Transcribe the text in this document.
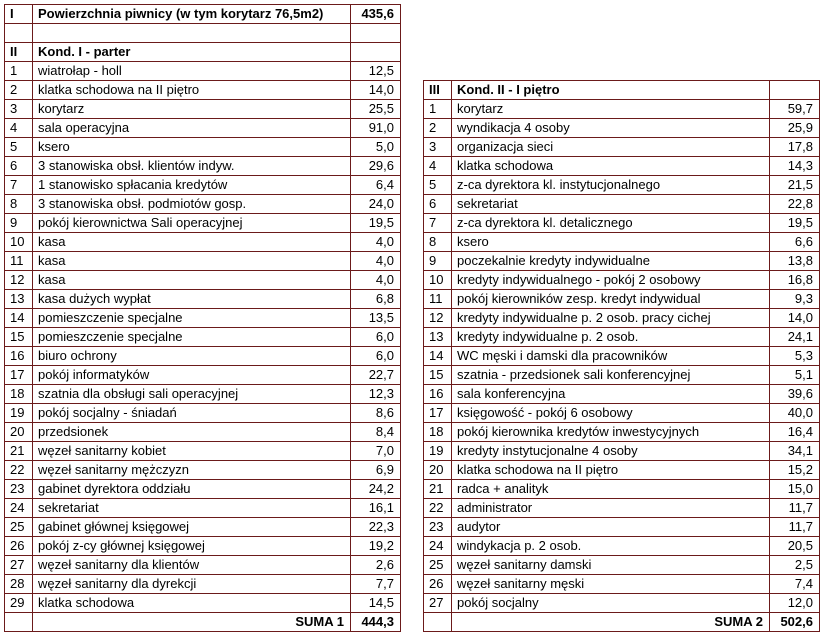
I	Powierzchnia piwnicy (w tym korytarz 76,5m2)	435,6

II	Kond. I - parter	
1	wiatrołap - holl	12,5
2	klatka schodowa na II piętro	14,0
3	korytarz	25,5
4	sala operacyjna	91,0
5	ksero	5,0
6	3 stanowiska obsł. klientów indyw.	29,6
7	1 stanowisko spłacania kredytów	6,4
8	3 stanowiska obsł. podmiotów gosp.	24,0
9	pokój kierownictwa Sali operacyjnej	19,5
10	kasa	4,0
11	kasa	4,0
12	kasa	4,0
13	kasa dużych wypłat	6,8
14	pomieszczenie specjalne	13,5
15	pomieszczenie specjalne	6,0
16	biuro ochrony	6,0
17	pokój informatyków	22,7
18	szatnia dla obsługi sali operacyjnej	12,3
19	pokój socjalny - śniadań	8,6
20	przedsionek	8,4
21	węzeł sanitarny kobiet	7,0
22	węzeł sanitarny mężczyzn	6,9
23	gabinet dyrektora oddziału	24,2
24	sekretariat	16,1
25	gabinet głównej księgowej	22,3
26	pokój z-cy głównej księgowej	19,2
27	węzeł sanitarny dla klientów	2,6
28	węzeł sanitarny dla dyrekcji	7,7
29	klatka schodowa	14,5
	SUMA 1	444,3
III	Kond. II - I piętro	
1	korytarz	59,7
2	wyndikacja 4 osoby	25,9
3	organizacja sieci	17,8
4	klatka schodowa	14,3
5	z-ca dyrektora kl. instytucjonalnego	21,5
6	sekretariat	22,8
7	z-ca dyrektora kl. detalicznego	19,5
8	ksero	6,6
9	poczekalnie kredyty indywidualne	13,8
10	kredyty indywidualnego - pokój 2 osobowy	16,8
11	pokój kierowników zesp. kredyt indywidual	9,3
12	kredyty indywidualne p. 2 osob. pracy cichej	14,0
13	kredyty indywidualne p. 2 osob.	24,1
14	WC męski i damski dla pracowników	5,3
15	szatnia - przedsionek sali konferencyjnej	5,1
16	sala konferencyjna	39,6
17	księgowość - pokój 6 osobowy	40,0
18	pokój kierownika kredytów inwestycyjnych	16,4
19	kredyty instytucjonalne 4 osoby	34,1
20	klatka schodowa na II piętro	15,2
21	radca + analityk	15,0
22	administrator	11,7
23	audytor	11,7
24	windykacja p. 2 osob.	20,5
25	węzeł sanitarny damski	2,5
26	węzeł sanitarny męski	7,4
27	pokój socjalny	12,0
	SUMA 2	502,6
